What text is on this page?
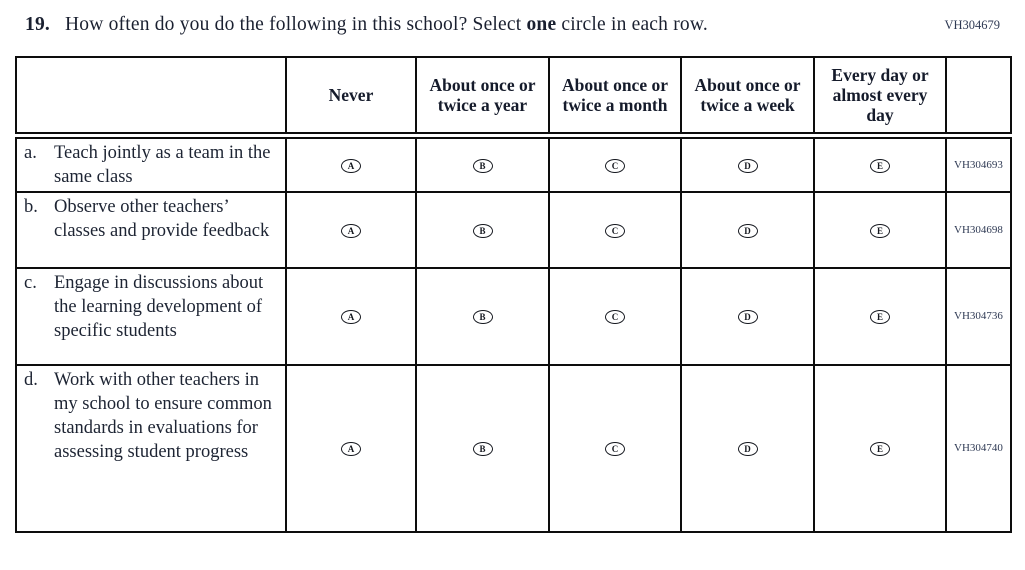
VH304679
19. How often do you do the following in this school? Select one circle in each row.
	Never	About once or twice a year	About once or twice a month	About once or twice a week	Every day or almost every day	
a. Teach jointly as a team in the same class	A	B	C	D	E	VH304693
b. Observe other teachers’ classes and provide feedback	A	B	C	D	E	VH304698
c. Engage in discussions about the learning development of specific students	A	B	C	D	E	VH304736
d. Work with other teachers in my school to ensure common standards in evaluations for assessing student progress	A	B	C	D	E	VH304740
